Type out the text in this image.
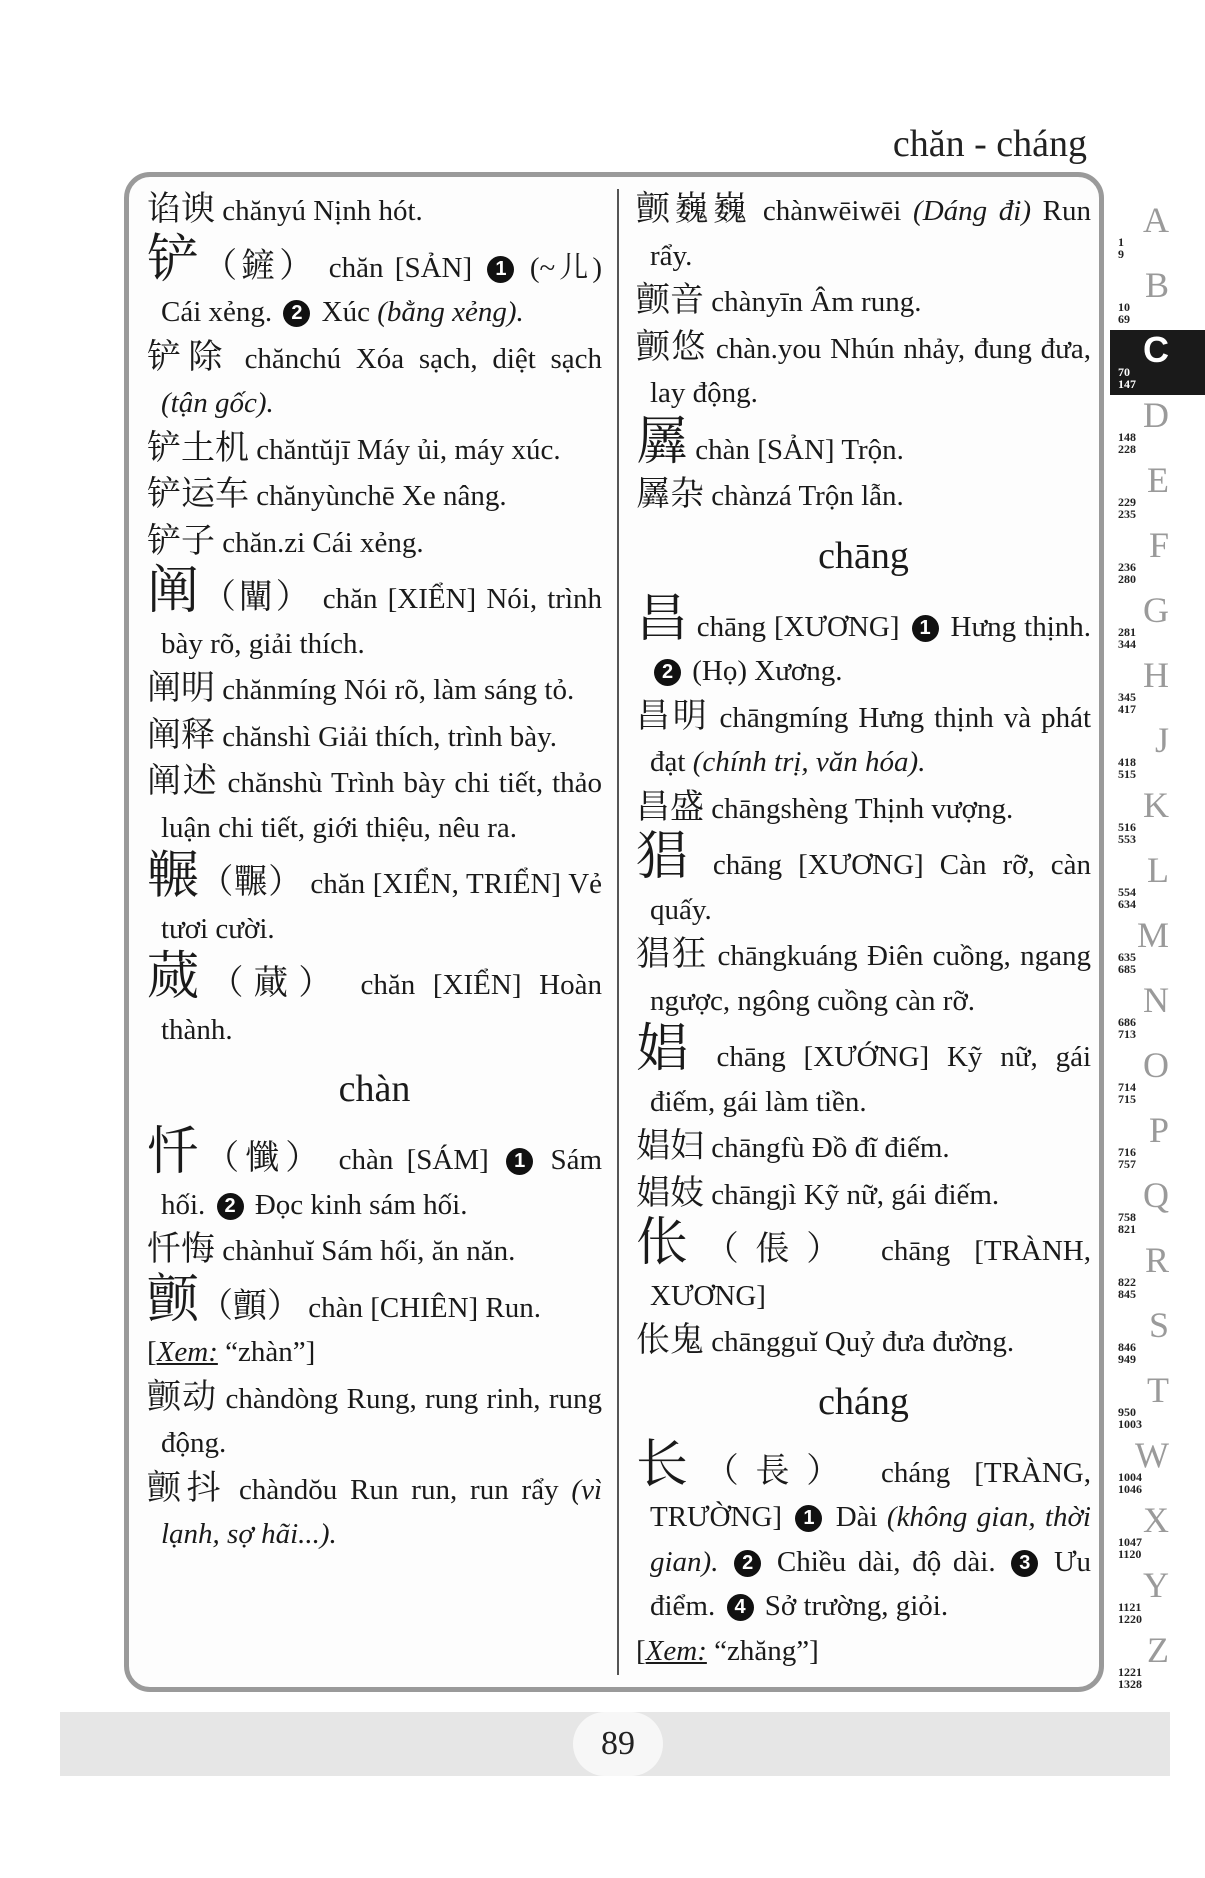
chăn - cháng

谄谀 chănyú Nịnh hót.

铲（鏟） chăn [SẢN] 1 (~儿) Cái xẻng. 2 Xúc (bằng xẻng).

铲除 chănchú Xóa sạch, diệt sạch (tận gốc).

铲土机 chăntŭjī Máy ủi, máy xúc.

铲运车 chănyùnchē Xe nâng.

铲子 chăn.zi Cái xẻng.

阐（闡） chăn [XIỂN] Nói, trình bày rõ, giải thích.

阐明 chănmíng Nói rõ, làm sáng tỏ.

阐释 chănshì Giải thích, trình bày.

阐述 chănshù Trình bày chi tiết, thảo luận chi tiết, giới thiệu, nêu ra.

冁（囅） chăn [XIỂN, TRIỂN] Vẻ tươi cười.

蒇（蕆） chăn [XIỂN] Hoàn thành.

chàn

忏（懺） chàn [SÁM] 1 Sám hối. 2 Đọc kinh sám hối.

忏悔 chànhuĭ Sám hối, ăn năn.

颤（顫） chàn [CHIÊN] Run.

[Xem: “zhàn”]

颤动 chàndòng Rung, rung rinh, rung động.

颤抖 chàndŏu Run run, run rẩy (vì lạnh, sợ hãi...).

颤巍巍 chànwēiwēi (Dáng đi) Run rẩy.

颤音 chànyīn Âm rung.

颤悠 chàn.you Nhún nhảy, đung đưa, lay động.

羼 chàn [SẢN] Trộn.

羼杂 chànzá Trộn lẫn.

chāng

昌 chāng [XƯƠNG] 1 Hưng thịnh. 2 (Họ) Xương.

昌明 chāngmíng Hưng thịnh và phát đạt (chính trị, văn hóa).

昌盛 chāngshèng Thịnh vượng.

猖 chāng [XƯƠNG] Càn rỡ, càn quấy.

猖狂 chāngkuáng Điên cuồng, ngang ngược, ngông cuồng càn rỡ.

娼 chāng [XƯỚNG] Kỹ nữ, gái điếm, gái làm tiền.

娼妇 chāngfù Đồ đĩ điếm.

娼妓 chāngjì Kỹ nữ, gái điếm.

伥（倀） chāng [TRÀNH, XƯƠNG]

伥鬼 chāngguĭ Quỷ đưa đường.

cháng

长（長） cháng [TRÀNG, TRƯỜNG] 1 Dài (không gian, thời gian). 2 Chiều dài, độ dài. 3 Ưu điểm. 4 Sở trường, giỏi.

[Xem: “zhăng”]

89
A
1
9
B
10
69
C
70
147
D
148
228
E
229
235
F
236
280
G
281
344
H
345
417
J
418
515
K
516
553
L
554
634
M
635
685
N
686
713
O
714
715
P
716
757
Q
758
821
R
822
845
S
846
949
T
950
1003
W
1004
1046
X
1047
1120
Y
1121
1220
Z
1221
1328
